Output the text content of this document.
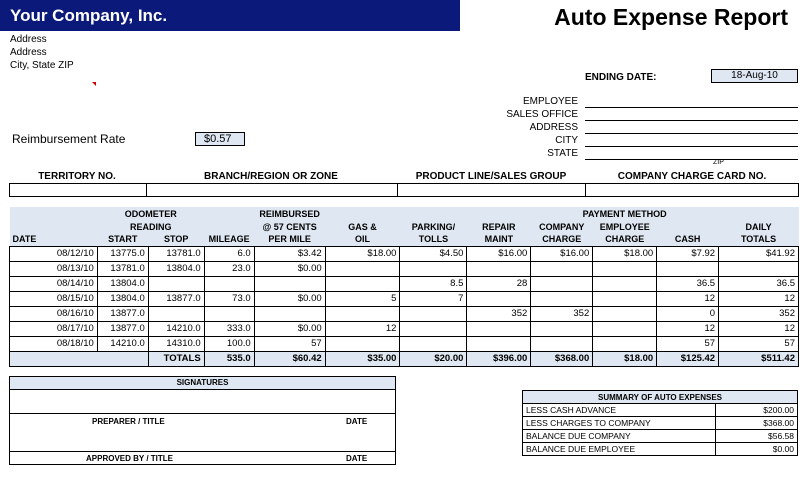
Your Company, Inc.	Auto Expense Report
Address
Address
City, State ZIP
ENDING DATE:	18-Aug-10
EMPLOYEE
SALES OFFICE
ADDRESS
CITY
STATE
ZIP
Reimbursement Rate	$0.57
TERRITORY NO.	BRANCH/REGION OR ZONE	PRODUCT LINE/SALES GROUP	COMPANY CHARGE CARD NO.

	ODOMETER			REIMBURSED				PAYMENT METHOD			
	READING			@ 57 CENTS	GAS &	PARKING/	REPAIR	COMPANY	EMPLOYEE		DAILY
DATE	START	STOP	MILEAGE	PER MILE	OIL	TOLLS	MAINT	CHARGE	CHARGE	CASH	TOTALS
08/12/10	13775.0	13781.0	6.0	$3.42	$18.00	$4.50	$16.00	$16.00	$18.00	$7.92	$41.92
08/13/10	13781.0	13804.0	23.0	$0.00							
08/14/10	13804.0					8.5	28			36.5	36.5
08/15/10	13804.0	13877.0	73.0	$0.00	5	7				12	12
08/16/10	13877.0						352	352		0	352
08/17/10	13877.0	14210.0	333.0	$0.00	12					12	12
08/18/10	14210.0	14310.0	100.0	57						57	57
		TOTALS	535.0	$60.42	$35.00	$20.00	$396.00	$368.00	$18.00	$125.42	$511.42
SIGNATURES
PREPARER / TITLE	DATE
APPROVED BY / TITLE	DATE
SUMMARY OF AUTO EXPENSES	
LESS CASH ADVANCE	$200.00
LESS CHARGES TO COMPANY	$368.00
BALANCE DUE COMPANY	$56.58
BALANCE DUE EMPLOYEE	$0.00
